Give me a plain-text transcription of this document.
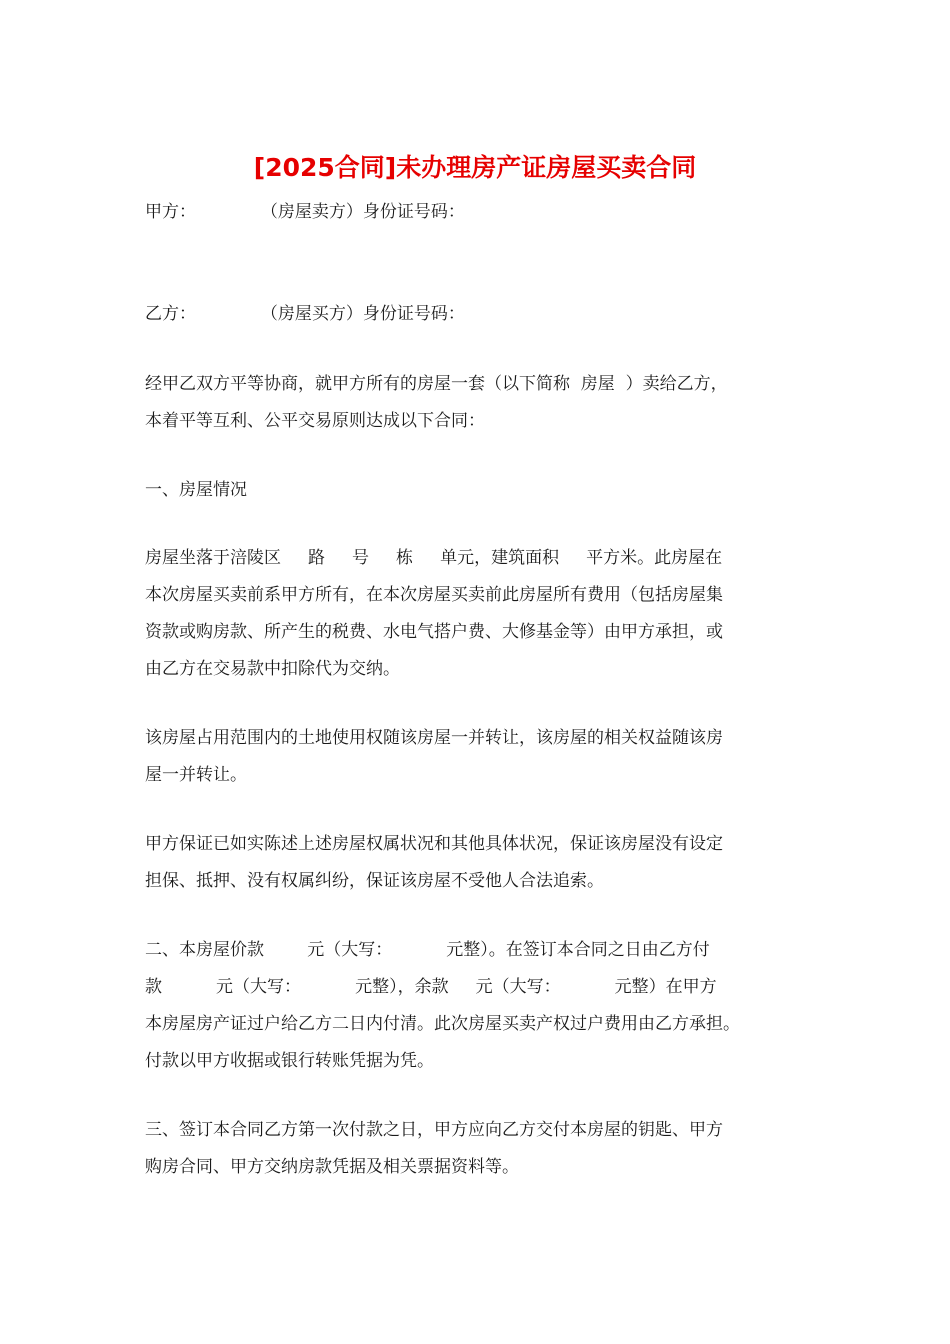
[2025合同]未办理房产证房屋买卖合同

甲方：            （房屋卖方）身份证号码：

乙方：            （房屋买方）身份证号码：

经甲乙双方平等协商，就甲方所有的房屋一套（以下简称  房屋  ）卖给乙方，

本着平等互利、公平交易原则达成以下合同：

一、房屋情况

房屋坐落于涪陵区     路     号     栋     单元，建筑面积     平方米。此房屋在

本次房屋买卖前系甲方所有，在本次房屋买卖前此房屋所有费用（包括房屋集

资款或购房款、所产生的税费、水电气搭户费、大修基金等）由甲方承担，或

由乙方在交易款中扣除代为交纳。

该房屋占用范围内的土地使用权随该房屋一并转让，该房屋的相关权益随该房

屋一并转让。

甲方保证已如实陈述上述房屋权属状况和其他具体状况，保证该房屋没有设定

担保、抵押、没有权属纠纷，保证该房屋不受他人合法追索。

二、本房屋价款        元（大写：          元整）。在签订本合同之日由乙方付

款          元（大写：          元整），余款     元（大写：          元整）在甲方

本房屋房产证过户给乙方二日内付清。此次房屋买卖产权过户费用由乙方承担。

付款以甲方收据或银行转账凭据为凭。

三、签订本合同乙方第一次付款之日，甲方应向乙方交付本房屋的钥匙、甲方

购房合同、甲方交纳房款凭据及相关票据资料等。
